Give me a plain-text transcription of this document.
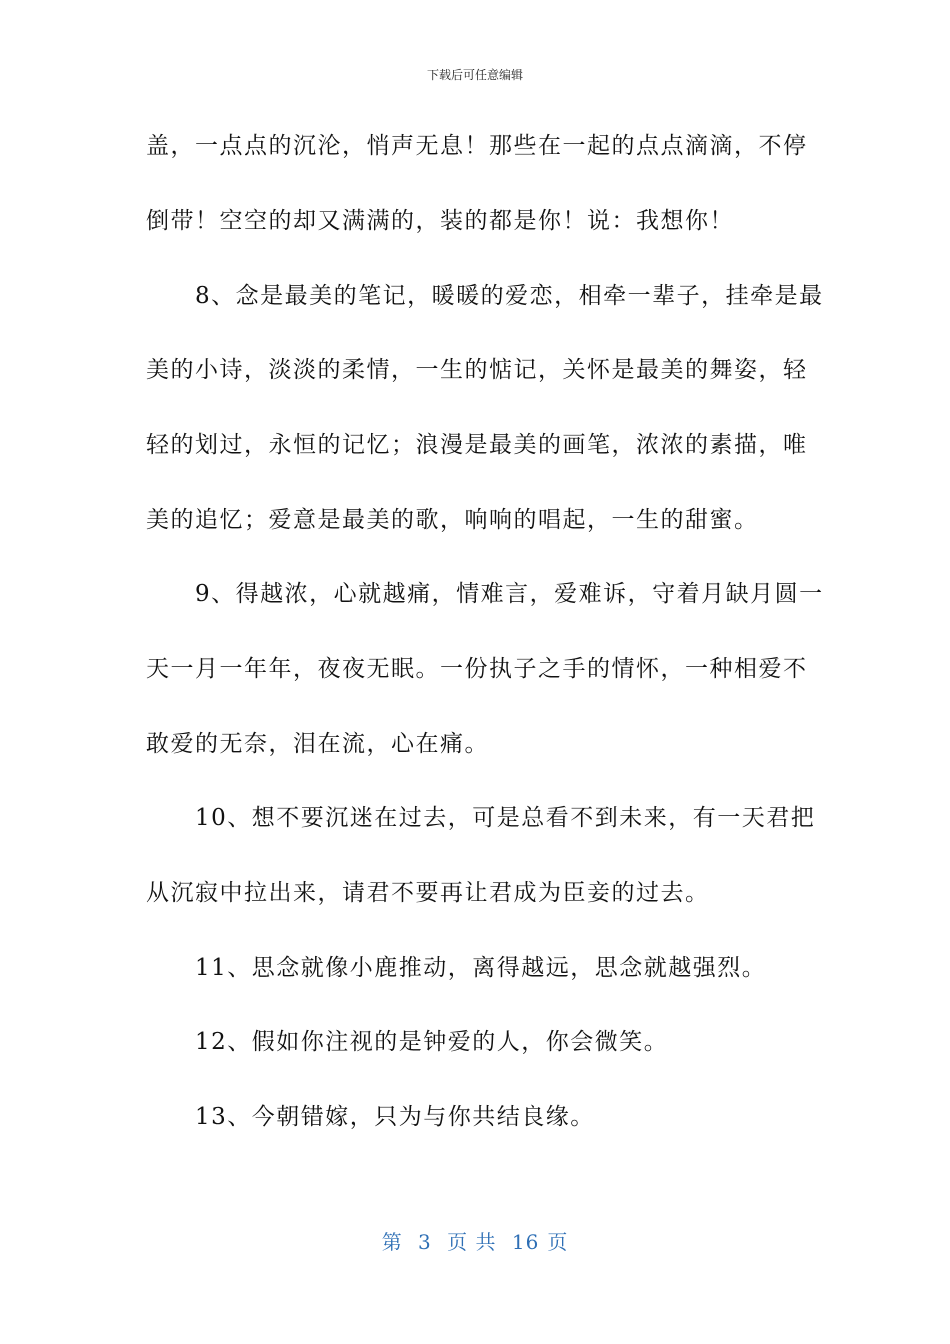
下载后可任意编辑
盖，一点点的沉沦，悄声无息！那些在一起的点点滴滴，不停
倒带！空空的却又满满的，装的都是你！说：我想你！
　　8、念是最美的笔记，暖暖的爱恋，相牵一辈子，挂牵是最
美的小诗，淡淡的柔情，一生的惦记，关怀是最美的舞姿，轻
轻的划过，永恒的记忆；浪漫是最美的画笔，浓浓的素描，唯
美的追忆；爱意是最美的歌，响响的唱起，一生的甜蜜。
　　9、得越浓，心就越痛，情难言，爱难诉，守着月缺月圆一
天一月一年年，夜夜无眠。一份执子之手的情怀，一种相爱不
敢爱的无奈，泪在流，心在痛。
　　10、想不要沉迷在过去，可是总看不到未来，有一天君把
从沉寂中拉出来，请君不要再让君成为臣妾的过去。
　　11、思念就像小鹿推动，离得越远，思念就越强烈。
　　12、假如你注视的是钟爱的人，你会微笑。
　　13、今朝错嫁，只为与你共结良缘。
第 3 页 共 16 页
